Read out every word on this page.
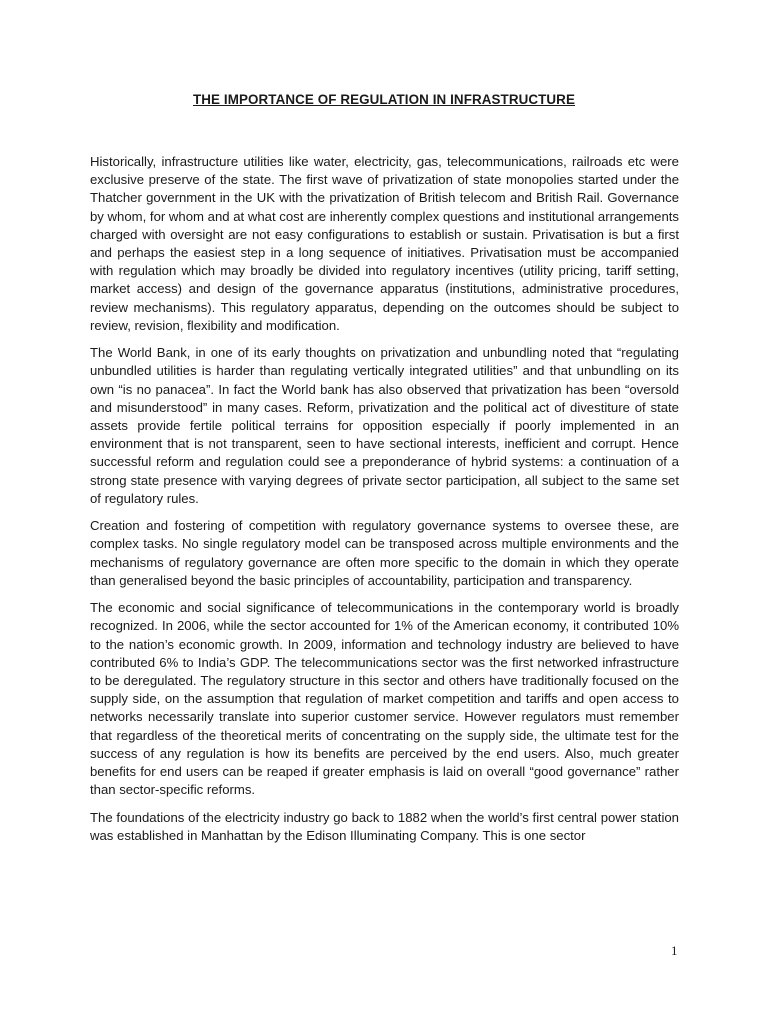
THE IMPORTANCE OF REGULATION IN INFRASTRUCTURE

Historically, infrastructure utilities like water, electricity, gas, telecommunications, railroads etc were exclusive preserve of the state. The first wave of privatization of state monopolies started under the Thatcher government in the UK with the privatization of British telecom and British Rail. Governance by whom, for whom and at what cost are inherently complex questions and institutional arrangements charged with oversight are not easy configurations to establish or sustain. Privatisation is but a first and perhaps the easiest step in a long sequence of initiatives. Privatisation must be accompanied with regulation which may broadly be divided into regulatory incentives (utility pricing, tariff setting, market access) and design of the governance apparatus (institutions, administrative procedures, review mechanisms). This regulatory apparatus, depending on the outcomes should be subject to review, revision, flexibility and modification.

The World Bank, in one of its early thoughts on privatization and unbundling noted that “regulating unbundled utilities is harder than regulating vertically integrated utilities” and that unbundling on its own “is no panacea”. In fact the World bank has also observed that privatization has been “oversold and misunderstood” in many cases. Reform, privatization and the political act of divestiture of state assets provide fertile political terrains for opposition especially if poorly implemented in an environment that is not transparent, seen to have sectional interests, inefficient and corrupt. Hence successful reform and regulation could see a preponderance of hybrid systems: a continuation of a strong state presence with varying degrees of private sector participation, all subject to the same set of regulatory rules.

Creation and fostering of competition with regulatory governance systems to oversee these, are complex tasks. No single regulatory model can be transposed across multiple environments and the mechanisms of regulatory governance are often more specific to the domain in which they operate than generalised beyond the basic principles of accountability, participation and transparency.

The economic and social significance of telecommunications in the contemporary world is broadly recognized. In 2006, while the sector accounted for 1% of the American economy, it contributed 10% to the nation’s economic growth. In 2009, information and technology industry are believed to have contributed 6% to India’s GDP. The telecommunications sector was the first networked infrastructure to be deregulated. The regulatory structure in this sector and others have traditionally focused on the supply side, on the assumption that regulation of market competition and tariffs and open access to networks necessarily translate into superior customer service. However regulators must remember that regardless of the theoretical merits of concentrating on the supply side, the ultimate test for the success of any regulation is how its benefits are perceived by the end users. Also, much greater benefits for end users can be reaped if greater emphasis is laid on overall “good governance” rather than sector-specific reforms.

The foundations of the electricity industry go back to 1882 when the world’s first central power station was established in Manhattan by the Edison Illuminating Company. This is one sector

1
